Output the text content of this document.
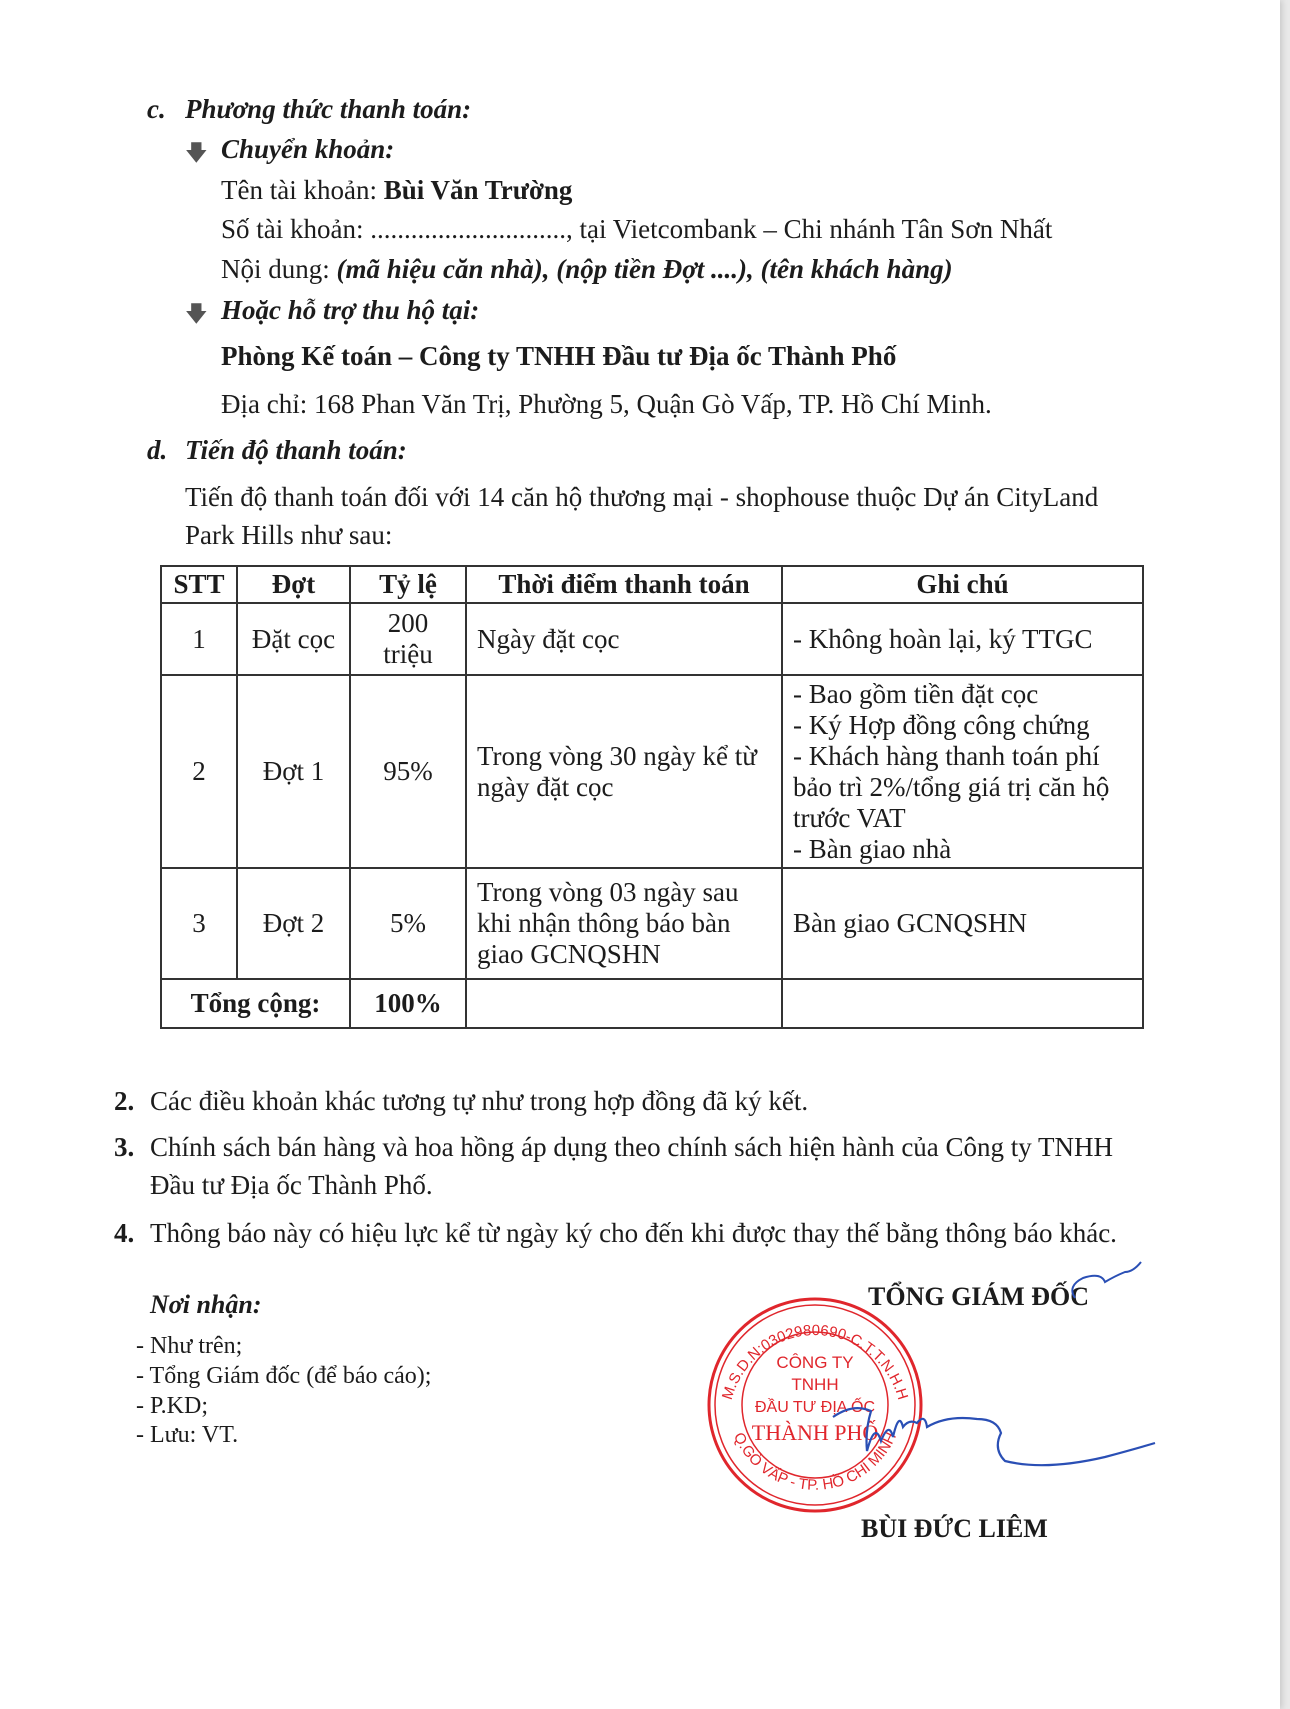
c. Phương thức thanh toán:
🡇 Chuyển khoản:
Tên tài khoản: Bùi Văn Trường
Số tài khoản: ............................., tại Vietcombank – Chi nhánh Tân Sơn Nhất
Nội dung: (mã hiệu căn nhà), (nộp tiền Đợt ....), (tên khách hàng)
🡇 Hoặc hỗ trợ thu hộ tại:
Phòng Kế toán – Công ty TNHH Đầu tư Địa ốc Thành Phố
Địa chỉ: 168 Phan Văn Trị, Phường 5, Quận Gò Vấp, TP. Hồ Chí Minh.
d. Tiến độ thanh toán:
Tiến độ thanh toán đối với 14 căn hộ thương mại - shophouse thuộc Dự án CityLand
Park Hills như sau:
STT	Đợt	Tỷ lệ	Thời điểm thanh toán	Ghi chú
1	Đặt cọc	200 triệu	Ngày đặt cọc	- Không hoàn lại, ký TTGC
2	Đợt 1	95%	Trong vòng 30 ngày kể từ ngày đặt cọc	- Bao gồm tiền đặt cọc
- Ký Hợp đồng công chứng
- Khách hàng thanh toán phí bảo trì 2%/tổng giá trị căn hộ trước VAT
- Bàn giao nhà

3	Đợt 2	5%	Trong vòng 03 ngày sau khi nhận thông báo bàn giao GCNQSHN	Bàn giao GCNQSHN
Tổng cộng:		100%		
2. Các điều khoản khác tương tự như trong hợp đồng đã ký kết.
3. Chính sách bán hàng và hoa hồng áp dụng theo chính sách hiện hành của Công ty TNHH
Đầu tư Địa ốc Thành Phố.
4. Thông báo này có hiệu lực kể từ ngày ký cho đến khi được thay thế bằng thông báo khác.
Nơi nhận:
- Như trên;
- Tổng Giám đốc (để báo cáo);
- P.KD;
- Lưu: VT.
TỔNG GIÁM ĐỐC
M.S.D.N:0302980690-C.T.T.N.H.H
Q.GÒ VẤP - TP. HỒ CHÍ MINH
CÔNG TY
TNHH
ĐẦU TƯ ĐỊA ỐC
THÀNH PHỐ
BÙI ĐỨC LIÊM
